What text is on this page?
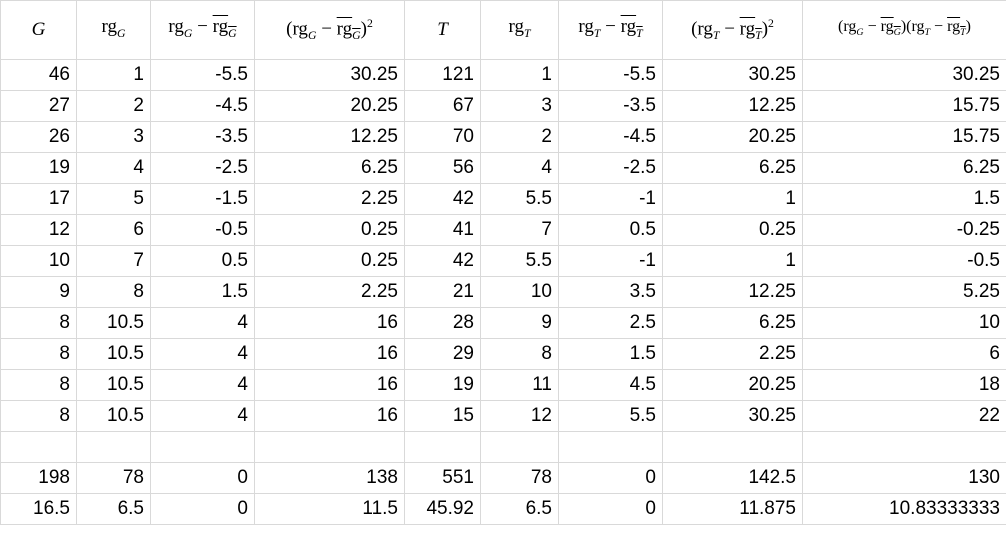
G	$rg_G$	$rg_G - \overline{rg}_{\overline{G}}$	$(rg_G - \overline{rg}_{\overline{G}})^2$	T	$rg_T$	$rg_T - \overline{rg}_{\overline{T}}$	$(rg_T - \overline{rg}_{\overline{T}})^2$	$(rg_G - \overline{rg}_{\overline{G}})(rg_T - \overline{rg}_{\overline{T}})$
46	1	-5.5	30.25	121	1	-5.5	30.25	30.25
27	2	-4.5	20.25	67	3	-3.5	12.25	15.75
26	3	-3.5	12.25	70	2	-4.5	20.25	15.75
19	4	-2.5	6.25	56	4	-2.5	6.25	6.25
17	5	-1.5	2.25	42	5.5	-1	1	1.5
12	6	-0.5	0.25	41	7	0.5	0.25	-0.25
10	7	0.5	0.25	42	5.5	-1	1	-0.5
9	8	1.5	2.25	21	10	3.5	12.25	5.25
8	10.5	4	16	28	9	2.5	6.25	10
8	10.5	4	16	29	8	1.5	2.25	6
8	10.5	4	16	19	11	4.5	20.25	18
8	10.5	4	16	15	12	5.5	30.25	22

198	78	0	138	551	78	0	142.5	130
16.5	6.5	0	11.5	45.92	6.5	0	11.875	10.83333333
